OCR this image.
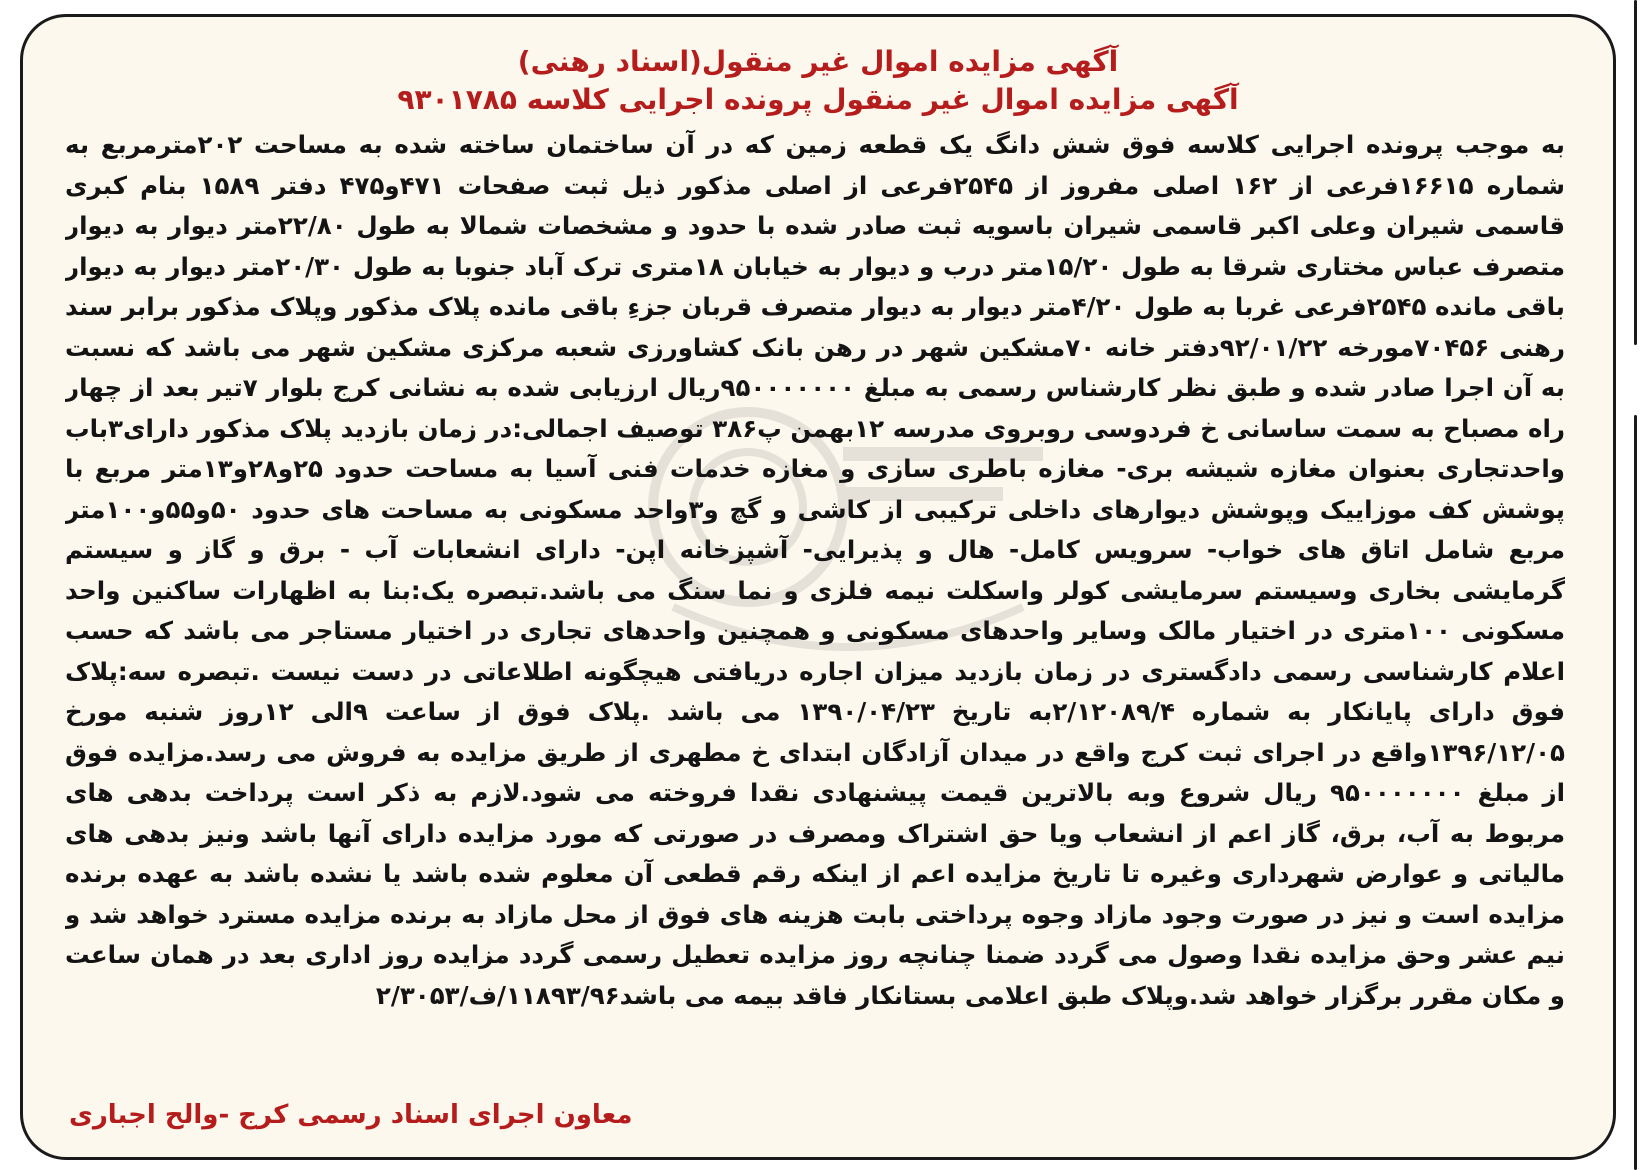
آگهی مزایده اموال غیر منقول(اسناد رهنی)
آگهی مزایده اموال غیر منقول پرونده اجرایی کلاسه ۹۳۰۱۷۸۵
به موجب پرونده اجرایی کلاسه فوق شش دانگ یک قطعه زمین که در آن ساختمان ساخته شده به مساحت ۲۰۲مترمربع به شماره ۱۶۶۱۵فرعی از ۱۶۲ اصلی مفروز از ۲۵۴۵فرعی از اصلی مذکور ذیل ثبت صفحات ۴۷۱و۴۷۵ دفتر ۱۵۸۹ بنام کبری قاسمی شیران وعلی اکبر قاسمی شیران باسویه ثبت صادر شده با حدود و مشخصات شمالا به طول ۲۲/۸۰متر دیوار به دیوار متصرف عباس مختاری شرقا به طول ۱۵/۲۰متر درب و دیوار به خیابان ۱۸متری ترک آباد جنوبا به طول ۲۰/۳۰متر دیوار به دیوار باقی مانده ۲۵۴۵فرعی غربا به طول ۴/۲۰متر دیوار به دیوار متصرف قربان جزءِ باقی مانده پلاک مذکور وپلاک مذکور برابر سند رهنی ۷۰۴۵۶مورخه ۹۲/۰۱/۲۲دفتر خانه ۷۰مشکین شهر در رهن بانک کشاورزی شعبه مرکزی مشکین شهر می باشد که نسبت به آن اجرا صادر شده و طبق نظر کارشناس رسمی به مبلغ ۹۵۰۰۰۰۰۰۰ریال ارزیابی شده به نشانی کرج بلوار ۷تیر بعد از چهار راه مصباح به سمت ساسانی خ فردوسی روبروی مدرسه ۱۲بهمن پ۳۸۶ توصیف اجمالی:در زمان بازدید پلاک مذکور دارای۳باب واحدتجاری بعنوان مغازه شیشه بری- مغازه باطری سازی و مغازه خدمات فنی آسیا به مساحت حدود ۲۵و۲۸و۱۳متر مربع با پوشش کف موزاییک وپوشش دیوارهای داخلی ترکیبی از کاشی و گچ و۳واحد مسکونی به مساحت های حدود ۵۰و۵۵و۱۰۰متر مربع شامل اتاق های خواب- سرویس کامل- هال و پذیرایی- آشپزخانه اپن- دارای انشعابات آب - برق و گاز و سیستم گرمایشی بخاری وسیستم سرمایشی کولر واسکلت نیمه فلزی و نما سنگ می باشد.تبصره یک:بنا به اظهارات ساکنین واحد مسکونی ۱۰۰متری در اختیار مالک وسایر واحدهای مسکونی و همچنین واحدهای تجاری در اختیار مستاجر می باشد که حسب اعلام کارشناسی رسمی دادگستری در زمان بازدید میزان اجاره دریافتی هیچگونه اطلاعاتی در دست نیست .تبصره سه:پلاک فوق دارای پایانکار به شماره ۲/۱۲۰۸۹/۴به تاریخ ۱۳۹۰/۰۴/۲۳ می باشد .پلاک فوق از ساعت ۹الی ۱۲روز شنبه مورخ ۱۳۹۶/۱۲/۰۵واقع در اجرای ثبت کرج واقع در میدان آزادگان ابتدای خ مطهری از طریق مزایده به فروش می رسد.مزایده فوق از مبلغ ۹۵۰۰۰۰۰۰۰ ریال شروع وبه بالاترین قیمت پیشنهادی نقدا فروخته می شود.لازم به ذکر است پرداخت بدهی های مربوط به آب، برق، گاز اعم از انشعاب ویا حق اشتراک ومصرف در صورتی که مورد مزایده دارای آنها باشد ونیز بدهی های مالیاتی و عوارض شهرداری وغیره تا تاریخ مزایده اعم از اینکه رقم قطعی آن معلوم شده باشد یا نشده باشد به عهده برنده مزایده است و نیز در صورت وجود مازاد وجوه پرداختی بابت هزینه های فوق از محل مازاد به برنده مزایده مسترد خواهد شد و نیم عشر وحق مزایده نقدا وصول می گردد ضمنا چنانچه روز مزایده تعطیل رسمی گردد مزایده روز اداری بعد در همان ساعت و مکان مقرر برگزار خواهد شد.وپلاک طبق اعلامی بستانکار فاقد بیمه می باشد۱۱۸۹۳/۹۶/ف/۲/۳۰۵۳
معاون اجرای اسناد رسمی کرج -والح اجباری
